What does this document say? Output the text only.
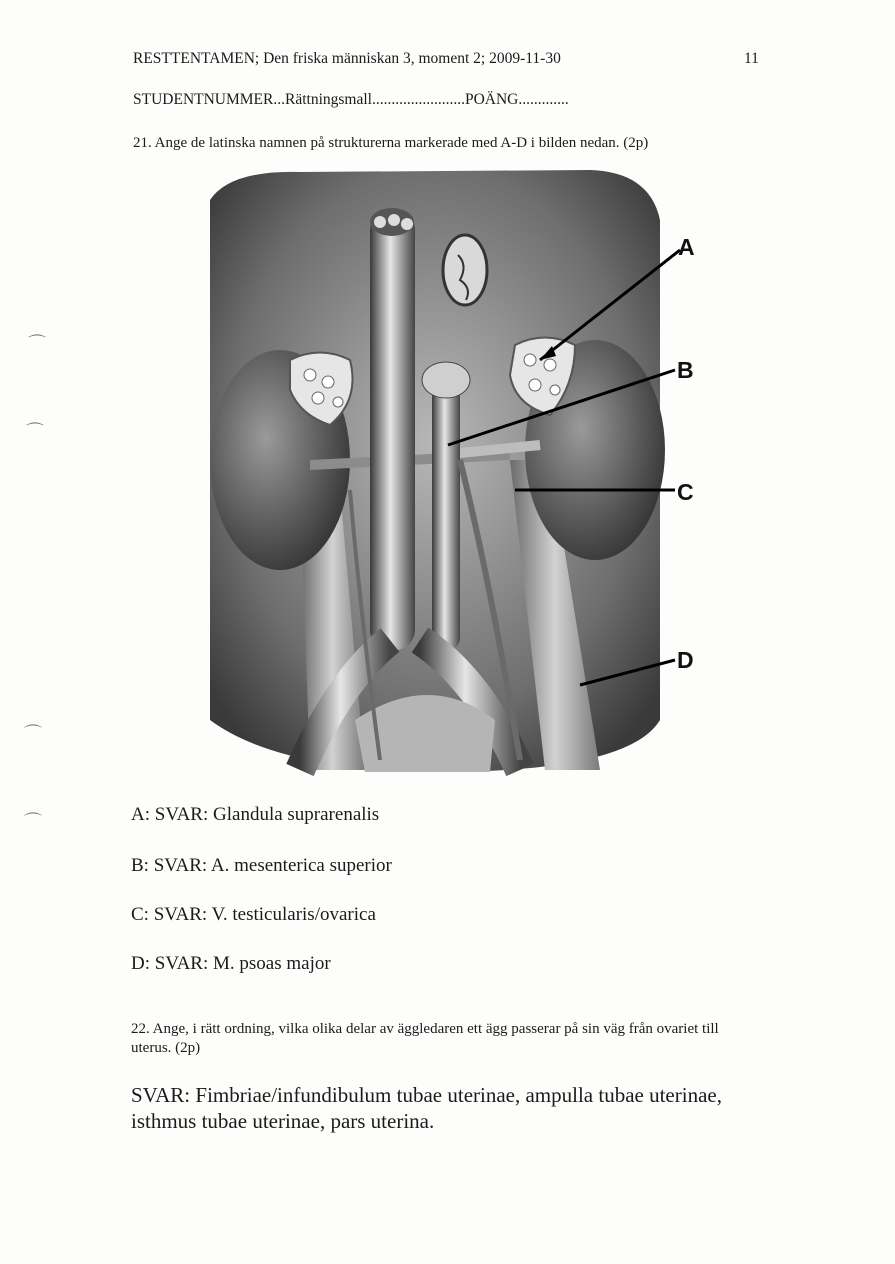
RESTTENTAMEN; Den friska människan 3, moment 2; 2009-11-30	11
STUDENTNUMMER...Rättningsmall........................POÄNG.............
21. Ange de latinska namnen på strukturerna markerade med A-D i bilden nedan. (2p)
A
B
C
D
A: SVAR: Glandula suprarenalis
B: SVAR: A. mesenterica superior
C: SVAR: V. testicularis/ovarica
D: SVAR: M. psoas major
22. Ange, i rätt ordning, vilka olika delar av äggledaren ett ägg passerar på sin väg från ovariet till uterus. (2p)
SVAR: Fimbriae/infundibulum tubae uterinae, ampulla tubae uterinae, isthmus tubae uterinae, pars uterina.
⌒
⌒
⌒
⌒
